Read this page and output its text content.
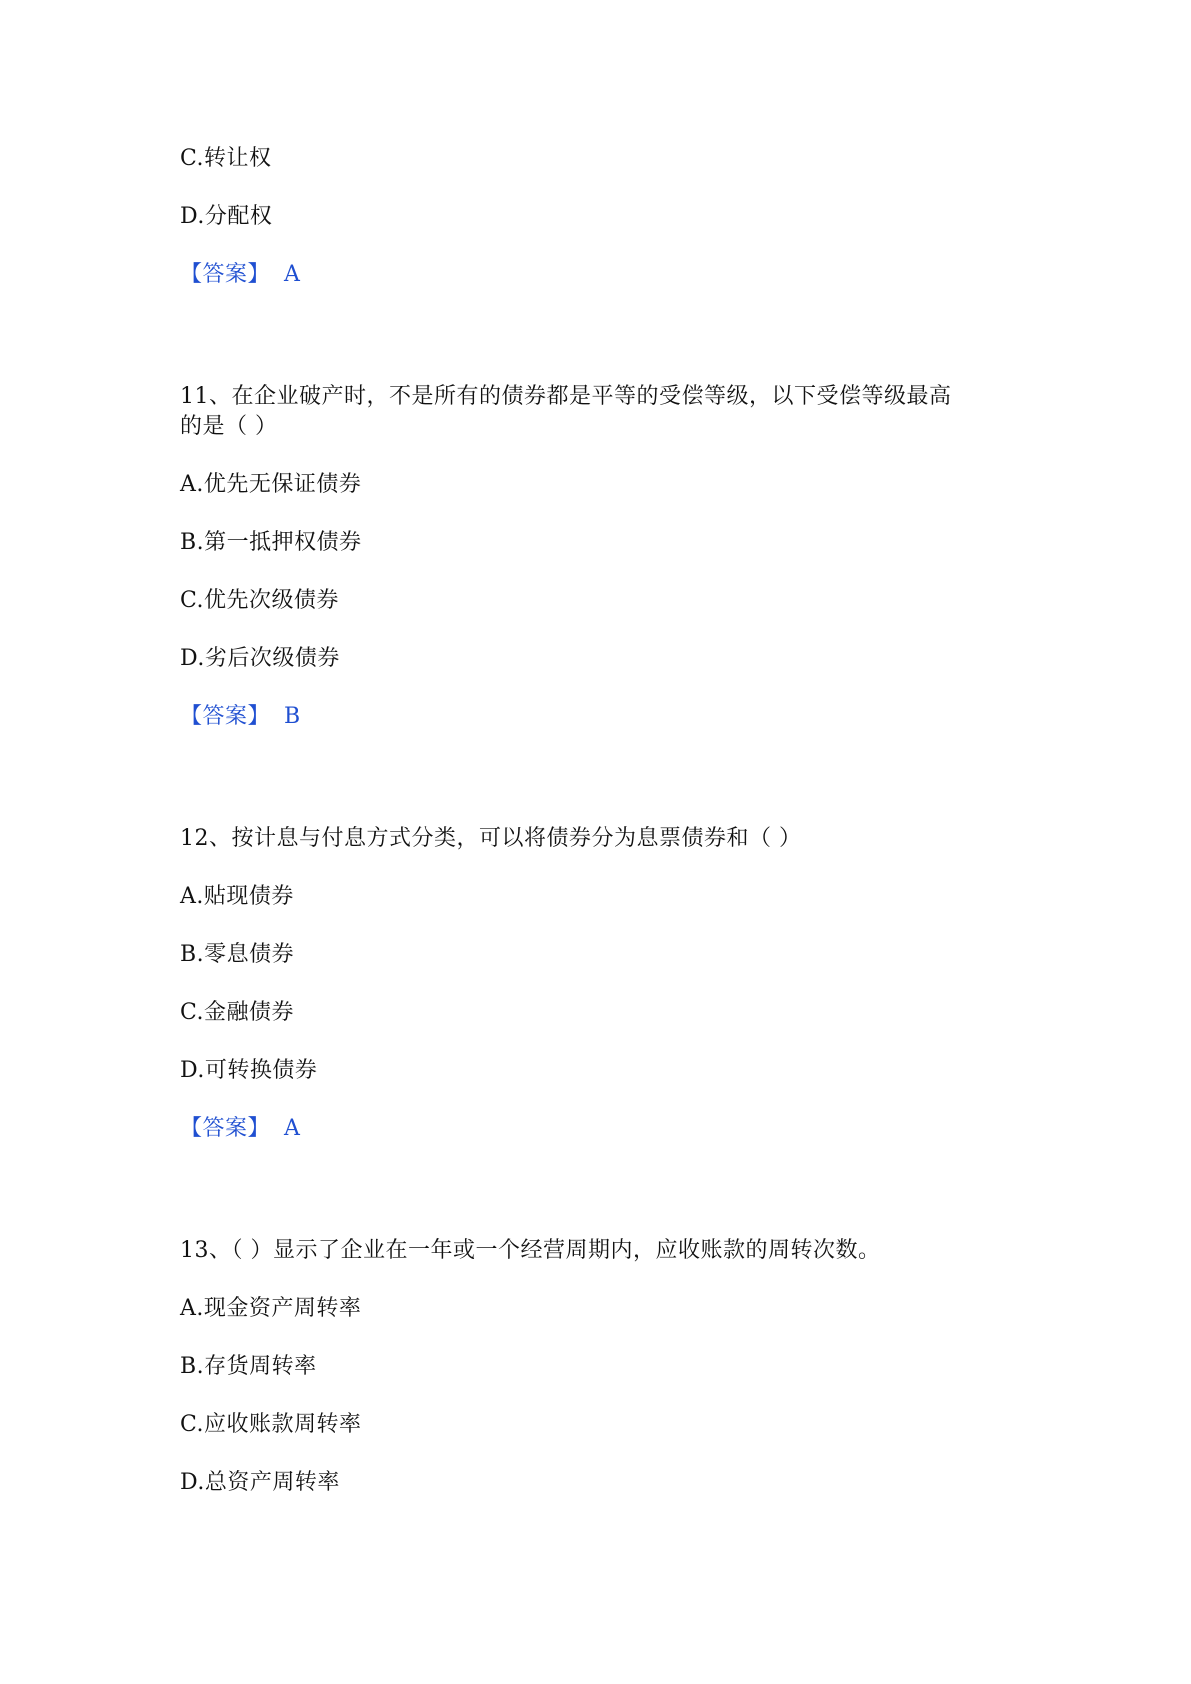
C.转让权
D.分配权
【答案】 A
11、在企业破产时，不是所有的债券都是平等的受偿等级，以下受偿等级最高
的是（ ）
A.优先无保证债券
B.第一抵押权债券
C.优先次级债券
D.劣后次级债券
【答案】 B
12、按计息与付息方式分类，可以将债券分为息票债券和（ ）
A.贴现债券
B.零息债券
C.金融债券
D.可转换债券
【答案】 A
13、（ ）显示了企业在一年或一个经营周期内，应收账款的周转次数。
A.现金资产周转率
B.存货周转率
C.应收账款周转率
D.总资产周转率
